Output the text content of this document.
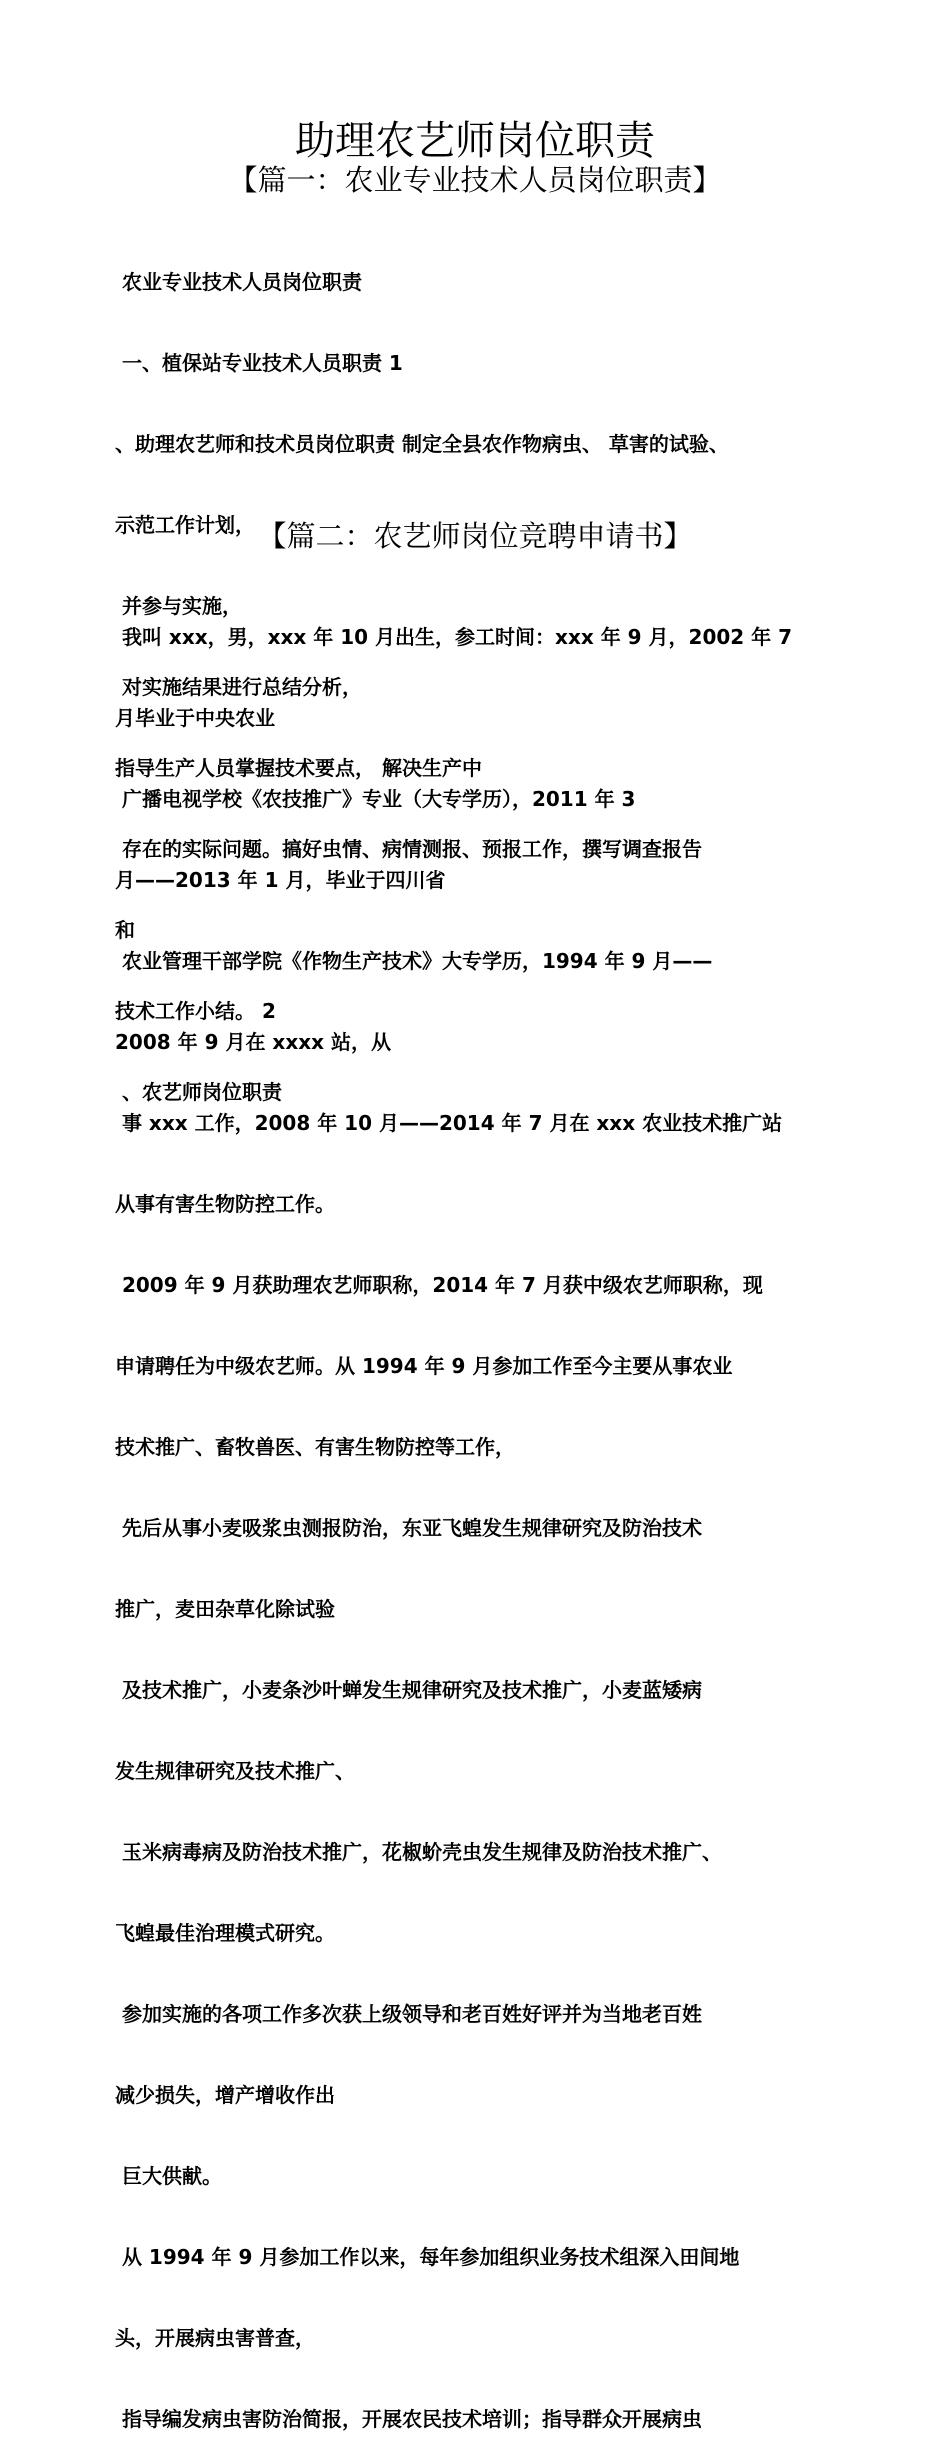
助理农艺师岗位职责
【篇一：农业专业技术人员岗位职责】

农业专业技术人员岗位职责

一、植保站专业技术人员职责 1

、助理农艺师和技术员岗位职责 制定全县农作物病虫、 草害的试验、

示范工作计划，

并参与实施，

对实施结果进行总结分析，

指导生产人员掌握技术要点， 解决生产中

存在的实际问题。搞好虫情、病情测报、预报工作，撰写调查报告

和

技术工作小结。 2

、农艺师岗位职责

【篇二：农艺师岗位竞聘申请书】

我叫 xxx，男，xxx 年 10 月出生，参工时间：xxx 年 9 月，2002 年 7

月毕业于中央农业

广播电视学校《农技推广》专业（大专学历），2011 年 3

月——2013 年 1 月，毕业于四川省

农业管理干部学院《作物生产技术》大专学历，1994 年 9 月——

2008 年 9 月在 xxxx 站，从

事 xxx 工作，2008 年 10 月——2014 年 7 月在 xxx 农业技术推广站

从事有害生物防控工作。

2009 年 9 月获助理农艺师职称，2014 年 7 月获中级农艺师职称，现

申请聘任为中级农艺师。从 1994 年 9 月参加工作至今主要从事农业

技术推广、畜牧兽医、有害生物防控等工作，

先后从事小麦吸浆虫测报防治，东亚飞蝗发生规律研究及防治技术

推广，麦田杂草化除试验

及技术推广，小麦条沙叶蝉发生规律研究及技术推广，小麦蓝矮病

发生规律研究及技术推广、

玉米病毒病及防治技术推广，花椒蚧壳虫发生规律及防治技术推广、

飞蝗最佳治理模式研究。

参加实施的各项工作多次获上级领导和老百姓好评并为当地老百姓

减少损失，增产增收作出

巨大供献。

从 1994 年 9 月参加工作以来，每年参加组织业务技术组深入田间地

头，开展病虫害普查，

指导编发病虫害防治简报，开展农民技术培训；指导群众开展病虫
